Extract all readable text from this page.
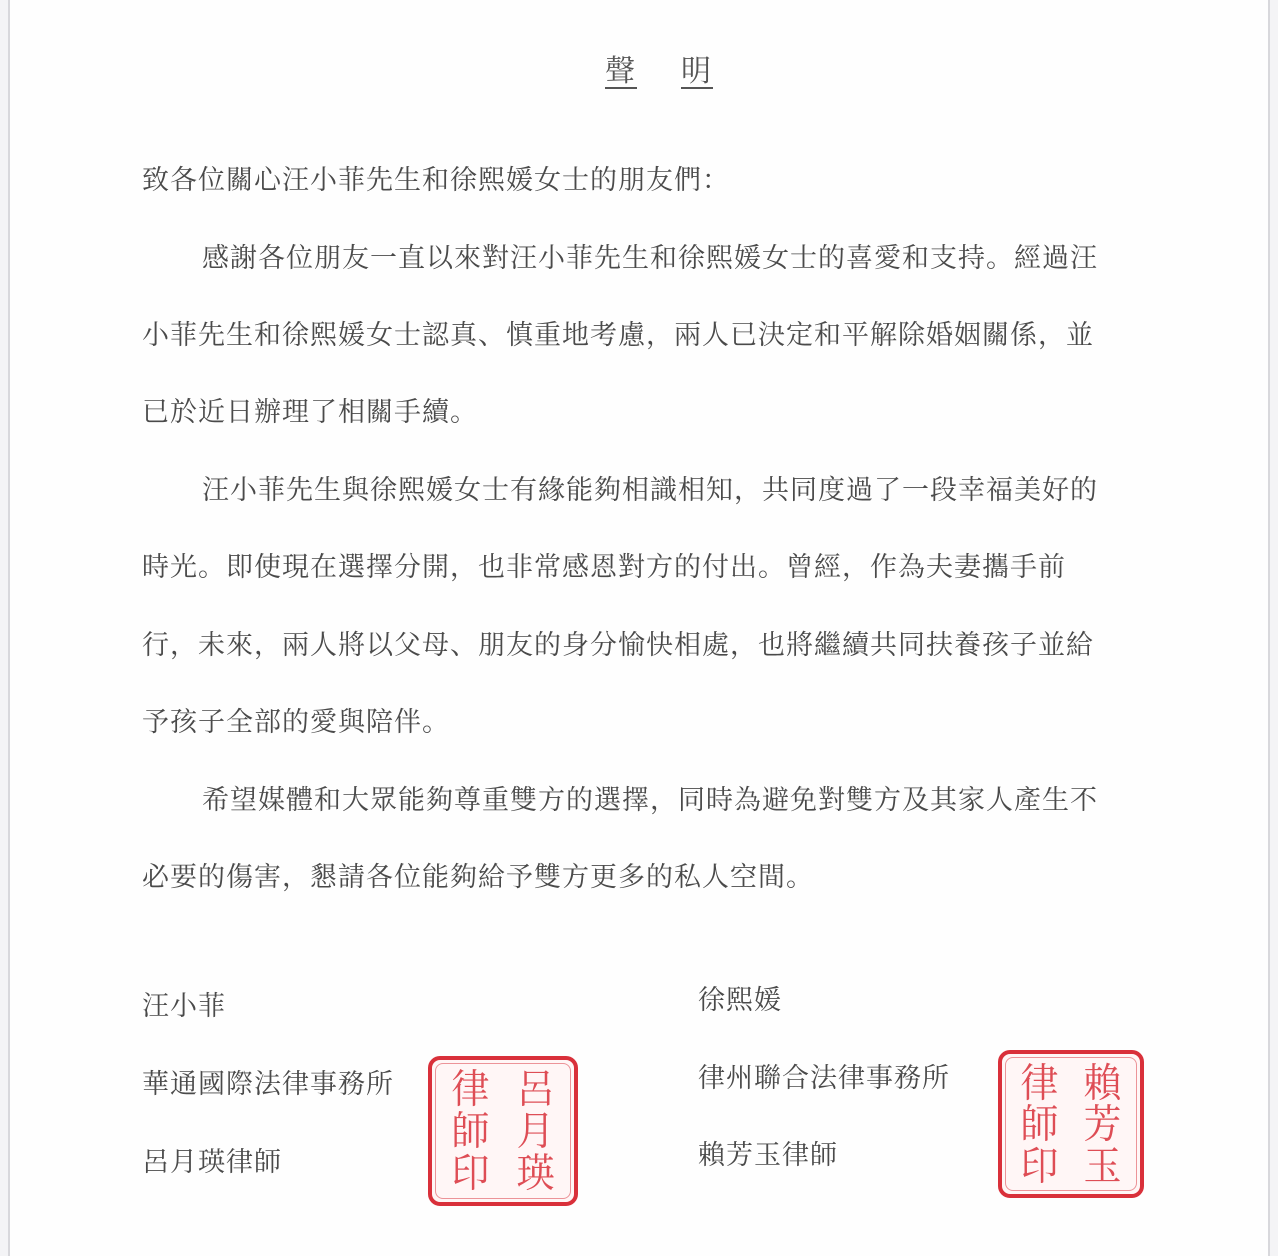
聲 明
致各位關心汪小菲先生和徐熙媛女士的朋友們：
感謝各位朋友一直以來對汪小菲先生和徐熙媛女士的喜愛和支持。經過汪
小菲先生和徐熙媛女士認真、慎重地考慮，兩人已決定和平解除婚姻關係，並
已於近日辦理了相關手續。
汪小菲先生與徐熙媛女士有緣能夠相識相知，共同度過了一段幸福美好的
時光。即使現在選擇分開，也非常感恩對方的付出。曾經，作為夫妻攜手前
行，未來，兩人將以父母、朋友的身分愉快相處，也將繼續共同扶養孩子並給
予孩子全部的愛與陪伴。
希望媒體和大眾能夠尊重雙方的選擇，同時為避免對雙方及其家人產生不
必要的傷害，懇請各位能夠給予雙方更多的私人空間。
汪小菲
華通國際法律事務所
呂月瑛律師
呂
月
瑛
律
師
印
徐熙媛
律州聯合法律事務所
賴芳玉律師
賴
芳
玉
律
師
印
